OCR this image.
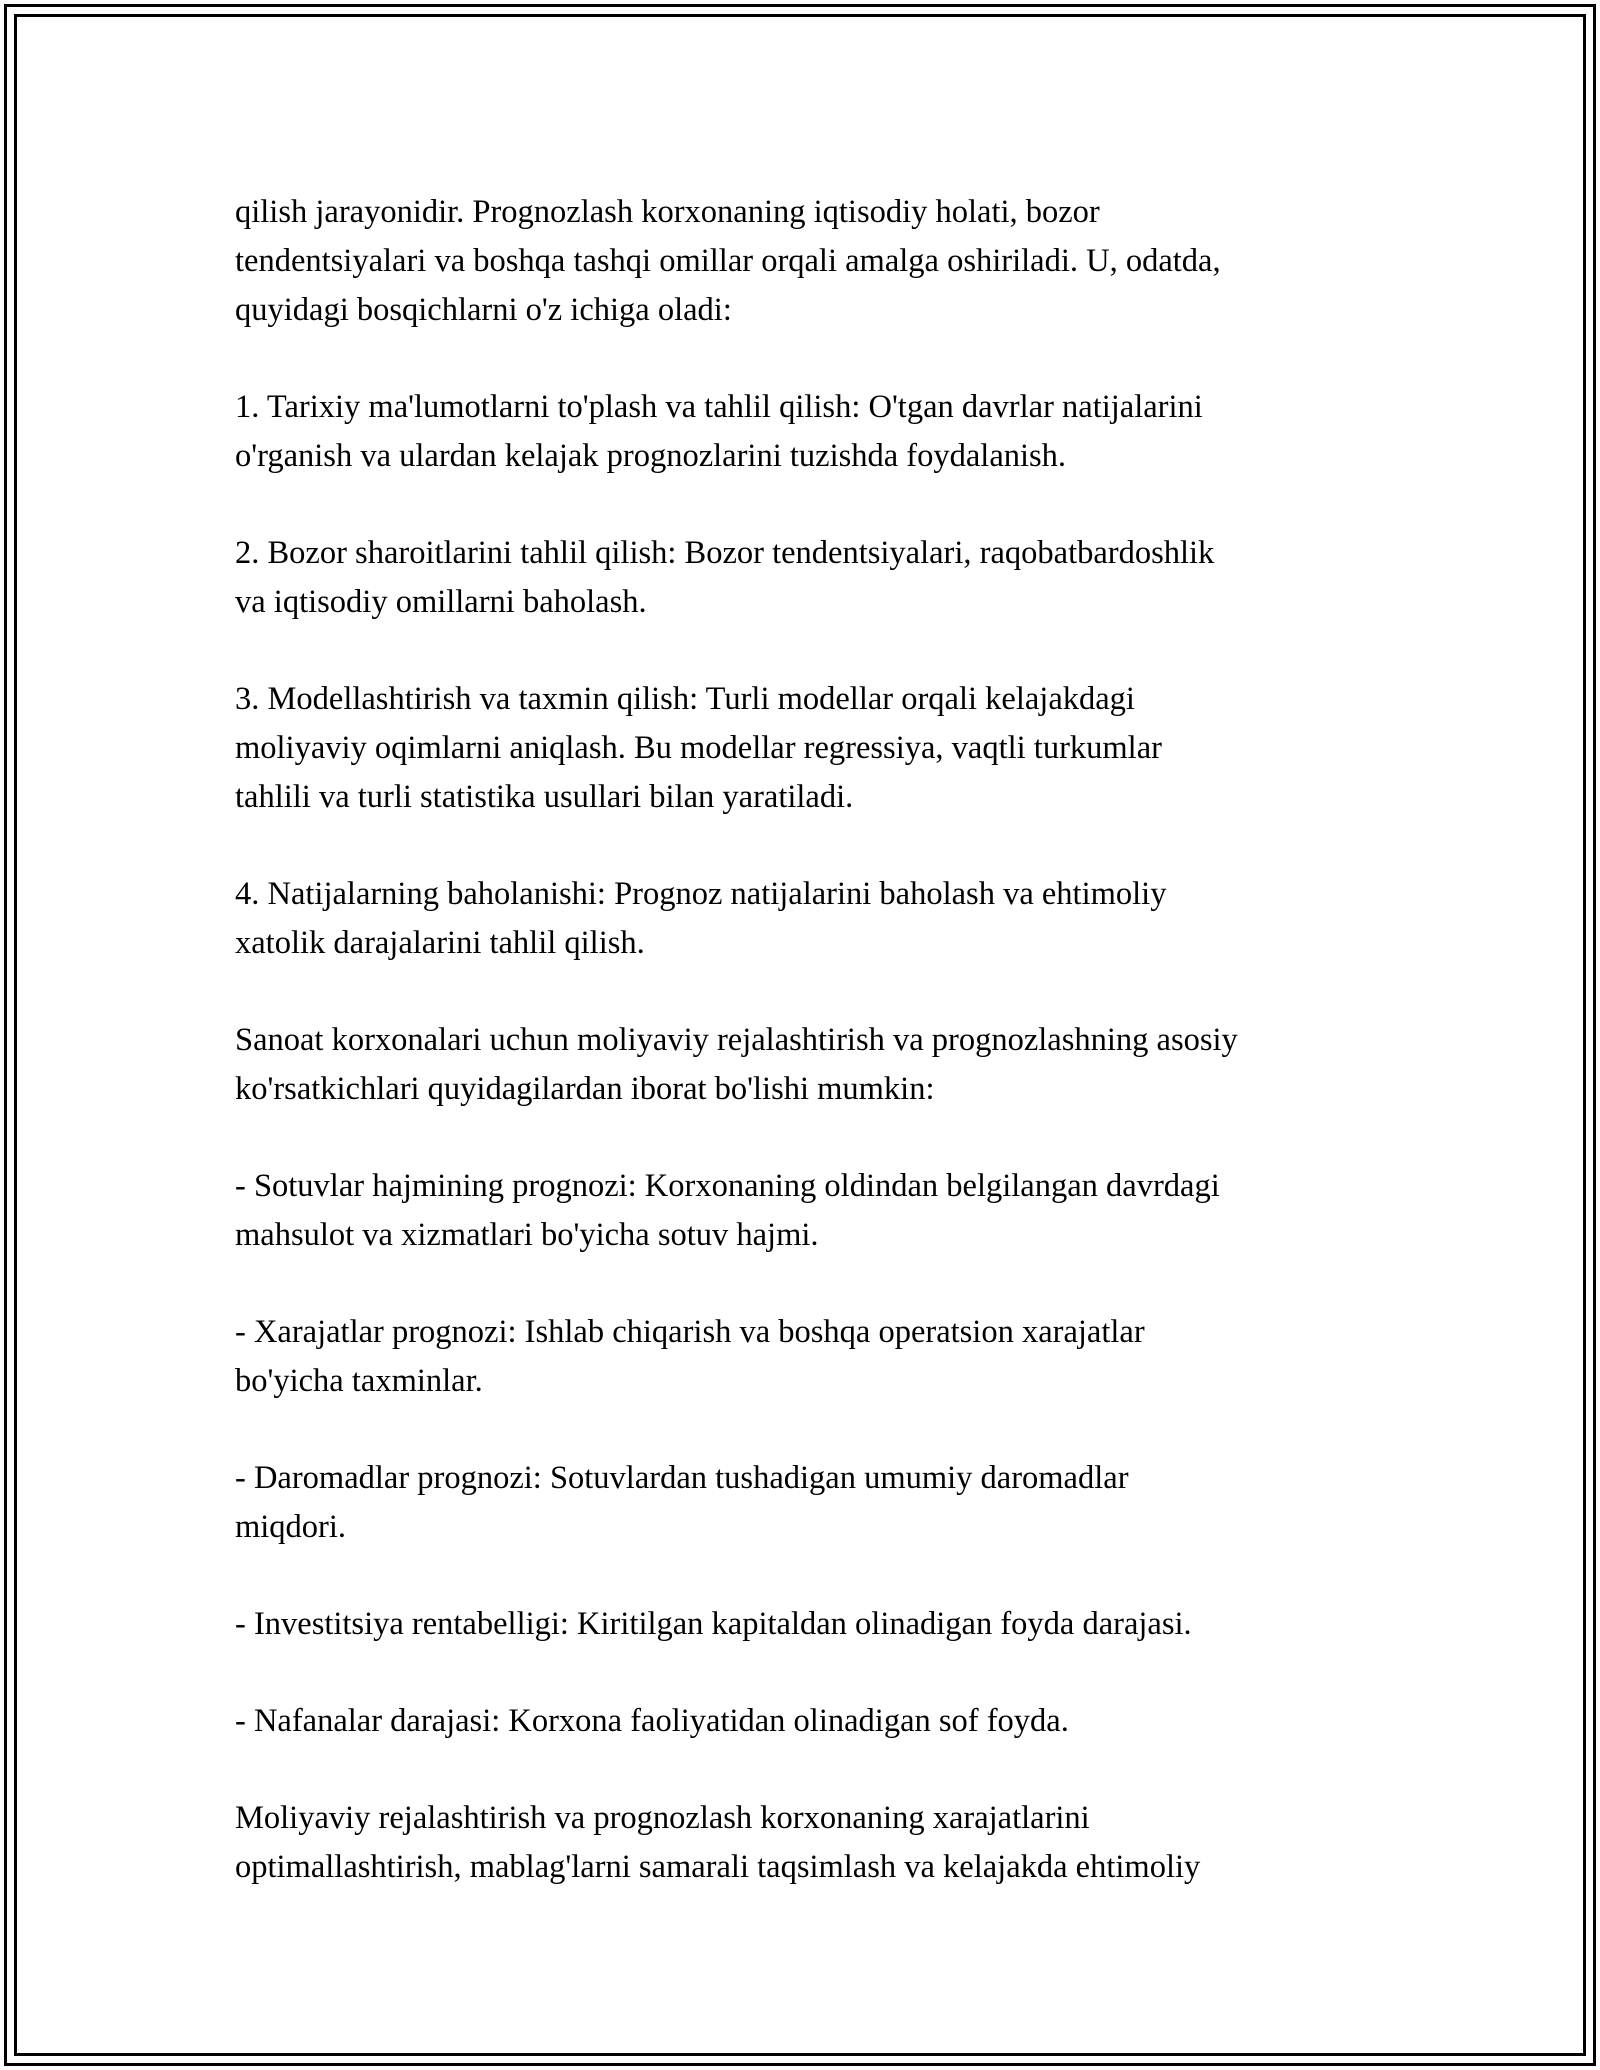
qilish jarayonidir. Prognozlash korxonaning iqtisodiy holati, bozor
tendentsiyalari va boshqa tashqi omillar orqali amalga oshiriladi. U, odatda,
quyidagi bosqichlarni o'z ichiga oladi:

1. Tarixiy ma'lumotlarni to'plash va tahlil qilish: O'tgan davrlar natijalarini
o'rganish va ulardan kelajak prognozlarini tuzishda foydalanish.

2. Bozor sharoitlarini tahlil qilish: Bozor tendentsiyalari, raqobatbardoshlik
va iqtisodiy omillarni baholash.

3. Modellashtirish va taxmin qilish: Turli modellar orqali kelajakdagi
moliyaviy oqimlarni aniqlash. Bu modellar regressiya, vaqtli turkumlar
tahlili va turli statistika usullari bilan yaratiladi.

4. Natijalarning baholanishi: Prognoz natijalarini baholash va ehtimoliy
xatolik darajalarini tahlil qilish.

Sanoat korxonalari uchun moliyaviy rejalashtirish va prognozlashning asosiy
ko'rsatkichlari quyidagilardan iborat bo'lishi mumkin:

- Sotuvlar hajmining prognozi: Korxonaning oldindan belgilangan davrdagi
mahsulot va xizmatlari bo'yicha sotuv hajmi.

- Xarajatlar prognozi: Ishlab chiqarish va boshqa operatsion xarajatlar
bo'yicha taxminlar.

- Daromadlar prognozi: Sotuvlardan tushadigan umumiy daromadlar
miqdori.

- Investitsiya rentabelligi: Kiritilgan kapitaldan olinadigan foyda darajasi.

- Nafanalar darajasi: Korxona faoliyatidan olinadigan sof foyda.

Moliyaviy rejalashtirish va prognozlash korxonaning xarajatlarini
optimallashtirish, mablag'larni samarali taqsimlash va kelajakda ehtimoliy
